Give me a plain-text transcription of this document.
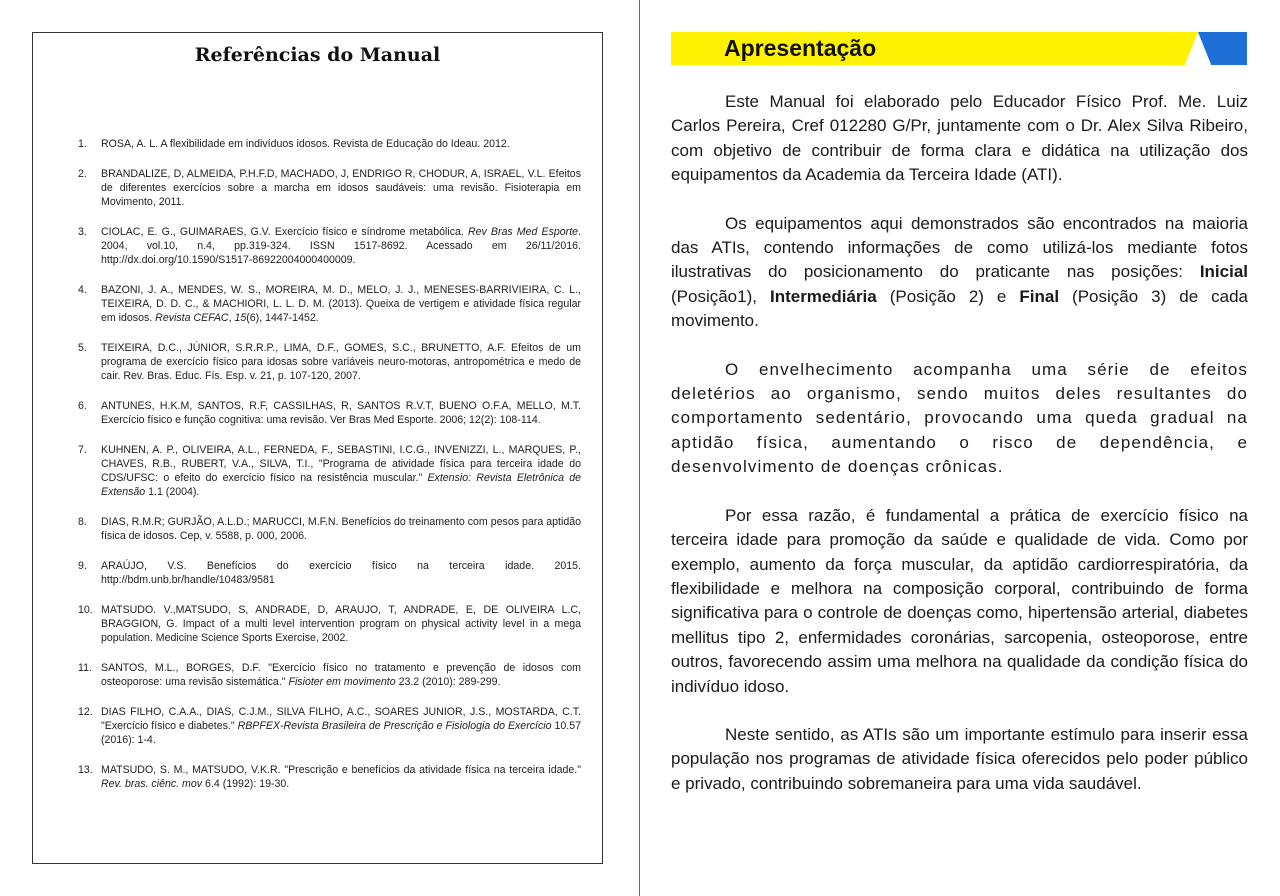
Referências do Manual
1. ROSA, A. L. A flexibilidade em indivíduos idosos. Revista de Educação do Ideau. 2012.
2. BRANDALIZE, D, ALMEIDA, P.H.F.D, MACHADO, J, ENDRIGO R, CHODUR, A, ISRAEL, V.L. Efeitos de diferentes exercícios sobre a marcha em idosos saudáveis: uma revisão. Fisioterapia em Movimento, 2011.
3. CIOLAC, E. G., GUIMARAES, G.V. Exercício físico e síndrome metabólica. Rev Bras Med Esporte. 2004, vol.10, n.4, pp.319-324. ISSN 1517-8692. Acessado em 26/11/2016. http://dx.doi.org/10.1590/S1517-86922004000400009.
4. BAZONI, J. A., MENDES, W. S., MOREIRA, M. D., MELO, J. J., MENESES-BARRIVIEIRA, C. L., TEIXEIRA, D. D. C., & MACHIORI, L. L. D. M. (2013). Queixa de vertigem e atividade física regular em idosos. Revista CEFAC, 15(6), 1447-1452.
5. TEIXEIRA, D.C., JÚNIOR, S.R.R.P., LIMA, D.F., GOMES, S.C., BRUNETTO, A.F. Efeitos de um programa de exercício físico para idosas sobre variáveis neuro-motoras, antropométrica e medo de cair. Rev. Bras. Educ. Fís. Esp. v. 21, p. 107-120, 2007.
6. ANTUNES, H.K.M, SANTOS, R.F, CASSILHAS, R, SANTOS R.V.T, BUENO O.F.A, MELLO, M.T. Exercício físico e função cognitiva: uma revisão. Ver Bras Med Esporte. 2006; 12(2): 108-114.
7. KUHNEN, A. P., OLIVEIRA, A.L., FERNEDA, F., SEBASTINI, I.C.G., INVENIZZI, L., MARQUES, P., CHAVES, R.B., RUBERT, V.A., SILVA, T.I., "Programa de atividade física para terceira idade do CDS/UFSC: o efeito do exercício físico na resistência muscular." Extensio: Revista Eletrônica de Extensão 1.1 (2004).
8. DIAS, R.M.R; GURJÃO, A.L.D.; MARUCCI, M.F.N. Benefícios do treinamento com pesos para aptidão física de idosos. Cep, v. 5588, p. 000, 2006.
9. ARAÚJO, V.S. Benefícios do exercício físico na terceira idade. 2015. http://bdm.unb.br/handle/10483/9581
10. MATSUDO. V.,MATSUDO, S, ANDRADE, D, ARAUJO, T, ANDRADE, E, DE OLIVEIRA L.C, BRAGGION, G. Impact of a multi level intervention program on physical activity level in a mega population. Medicine Science Sports Exercise, 2002.
11. SANTOS, M.L., BORGES, D.F. "Exercício físico no tratamento e prevenção de idosos com osteoporose: uma revisão sistemática." Fisioter em movimento 23.2 (2010): 289-299.
12. DIAS FILHO, C.A.A., DIAS, C.J.M., SILVA FILHO, A.C., SOARES JUNIOR, J.S., MOSTARDA, C.T. "Exercício físico e diabetes." RBPFEX-Revista Brasileira de Prescrição e Fisiologia do Exercício 10.57 (2016): 1-4.
13. MATSUDO, S. M., MATSUDO, V.K.R. "Prescrição e benefícios da atividade física na terceira idade." Rev. bras. ciênc. mov 6.4 (1992): 19-30.
Apresentação

Este Manual foi elaborado pelo Educador Físico Prof. Me. Luiz Carlos Pereira, Cref 012280 G/Pr, juntamente com o Dr. Alex Silva Ribeiro, com objetivo de contribuir de forma clara e didática na utilização dos equipamentos da Academia da Terceira Idade (ATI).

Os equipamentos aqui demonstrados são encontrados na maioria das ATIs, contendo informações de como utilizá-los mediante fotos ilustrativas do posicionamento do praticante nas posições: Inicial (Posição1), Intermediária (Posição 2) e Final (Posição 3) de cada movimento.

O envelhecimento acompanha uma série de efeitos deletérios ao organismo, sendo muitos deles resultantes do comportamento sedentário, provocando uma queda gradual na aptidão física, aumentando o risco de dependência, e desenvolvimento de doenças crônicas.

Por essa razão, é fundamental a prática de exercício físico na terceira idade para promoção da saúde e qualidade de vida. Como por exemplo, aumento da força muscular, da aptidão cardiorrespiratória, da flexibilidade e melhora na composição corporal, contribuindo de forma significativa para o controle de doenças como, hipertensão arterial, diabetes mellitus tipo 2, enfermidades coronárias, sarcopenia, osteoporose, entre outros, favorecendo assim uma melhora na qualidade da condição física do indivíduo idoso.

Neste sentido, as ATIs são um importante estímulo para inserir essa população nos programas de atividade física oferecidos pelo poder público e privado, contribuindo sobremaneira para uma vida saudável.
